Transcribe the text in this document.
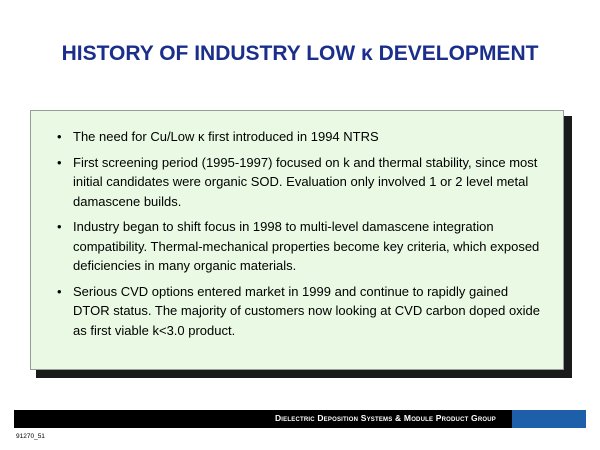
HISTORY OF INDUSTRY LOW κ DEVELOPMENT
• The need for Cu/Low κ first introduced in 1994 NTRS
• First screening period (1995-1997) focused on k and thermal stability, since most initial candidates were organic SOD. Evaluation only involved 1 or 2 level metal damascene builds.
• Industry began to shift focus in 1998 to multi-level damascene integration compatibility. Thermal-mechanical properties become key criteria, which exposed deficiencies in many organic materials.
• Serious CVD options entered market in 1999 and continue to rapidly gained DTOR status. The majority of customers now looking at CVD carbon doped oxide as first viable k<3.0 product.
Dielectric Deposition Systems & Module Product Group
91270_51
